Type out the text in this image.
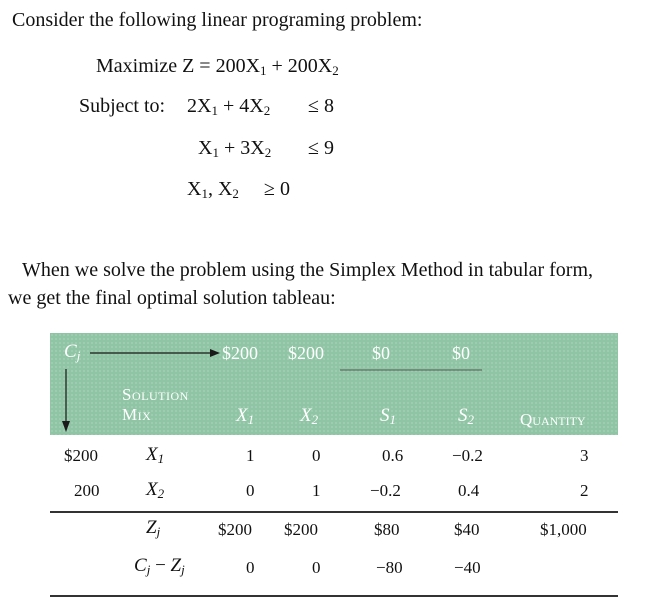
Consider the following linear programing problem:
Maximize $Z = 200X_1 + 200X_2$
Subject to: $2X_1 + 4X_2 \le 8$
$X_1 + 3X_2 \le 9$
$X_1$, $X_2 \ge 0$
When we solve the problem using the Simplex Method in tabular form,
we get the final optimal solution tableau:
$C_j$	$200 $200	$0	$0
Solution
Mix	$X_1$ $X_2$	$S_1$	$S_2$	Quantity
$200	$X_1$	1	0	0.6	−0.2	3
200 $X_2$	0	1	−0.2	0.4	2
$Z_j$	$200 $200	$80	$40	$1,000
$C_j - Z_j$	0	0	−80	−40
